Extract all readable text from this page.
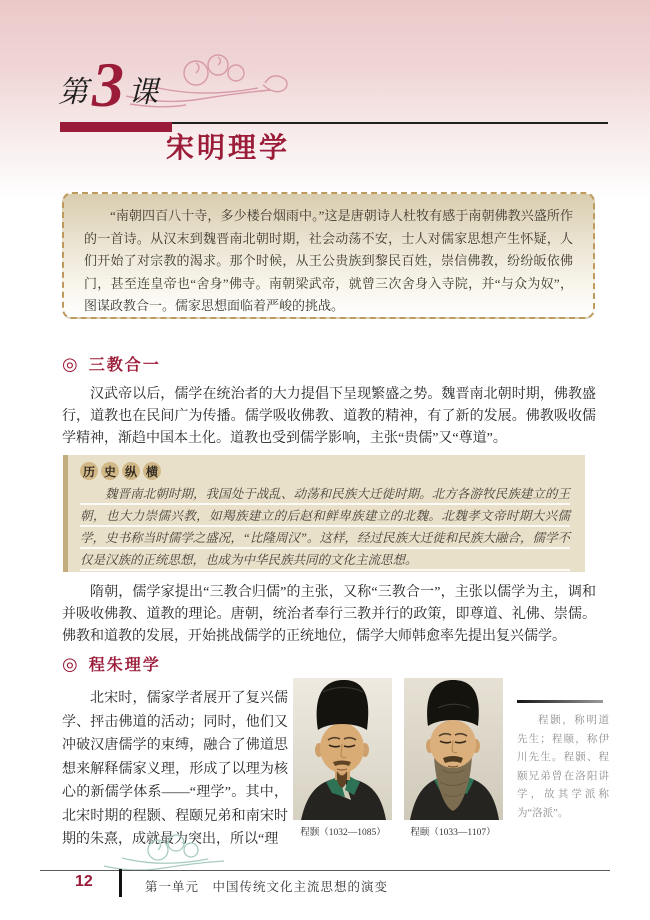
第 3 课
宋明理学
“南朝四百八十寺，多少楼台烟雨中。”这是唐朝诗人杜牧有感于南朝佛教兴盛所作的一首诗。从汉末到魏晋南北朝时期，社会动荡不安，士人对儒家思想产生怀疑，人们开始了对宗教的渴求。那个时候，从王公贵族到黎民百姓，崇信佛教，纷纷皈依佛门，甚至连皇帝也“舍身”佛寺。南朝梁武帝，就曾三次舍身入寺院，并“与众为奴”，图谋政教合一。儒家思想面临着严峻的挑战。
◎ 三教合一
汉武帝以后，儒学在统治者的大力提倡下呈现繁盛之势。魏晋南北朝时期，佛教盛行，道教也在民间广为传播。儒学吸收佛教、道教的精神，有了新的发展。佛教吸收儒学精神，渐趋中国本土化。道教也受到儒学影响，主张“贵儒”又“尊道”。
历 史 纵 横
魏晋南北朝时期，我国处于战乱、动荡和民族大迁徙时期。北方各游牧民族建立的王朝，也大力崇儒兴教，如羯族建立的后赵和鲜卑族建立的北魏。北魏孝文帝时期大兴儒学，史书称当时儒学之盛况，“比隆周汉”。这样，经过民族大迁徙和民族大融合，儒学不仅是汉族的正统思想，也成为中华民族共同的文化主流思想。
隋朝，儒学家提出“三教合归儒”的主张，又称“三教合一”，主张以儒学为主，调和并吸收佛教、道教的理论。唐朝，统治者奉行三教并行的政策，即尊道、礼佛、崇儒。佛教和道教的发展，开始挑战儒学的正统地位，儒学大师韩愈率先提出复兴儒学。
◎ 程朱理学
北宋时，儒家学者展开了复兴儒学、抨击佛道的活动；同时，他们又冲破汉唐儒学的束缚，融合了佛道思想来解释儒家义理，形成了以理为核心的新儒学体系——“理学”。其中，北宋时期的程颢、程颐兄弟和南宋时期的朱熹，成就最为突出，所以“理	程颢（1032—1085）	程颐（1033—1107）
程颢，称明道先生；程颐，称伊川先生。程颢、程颐兄弟曾在洛阳讲学，故其学派称为“洛派”。
12	第一单元　中国传统文化主流思想的演变
